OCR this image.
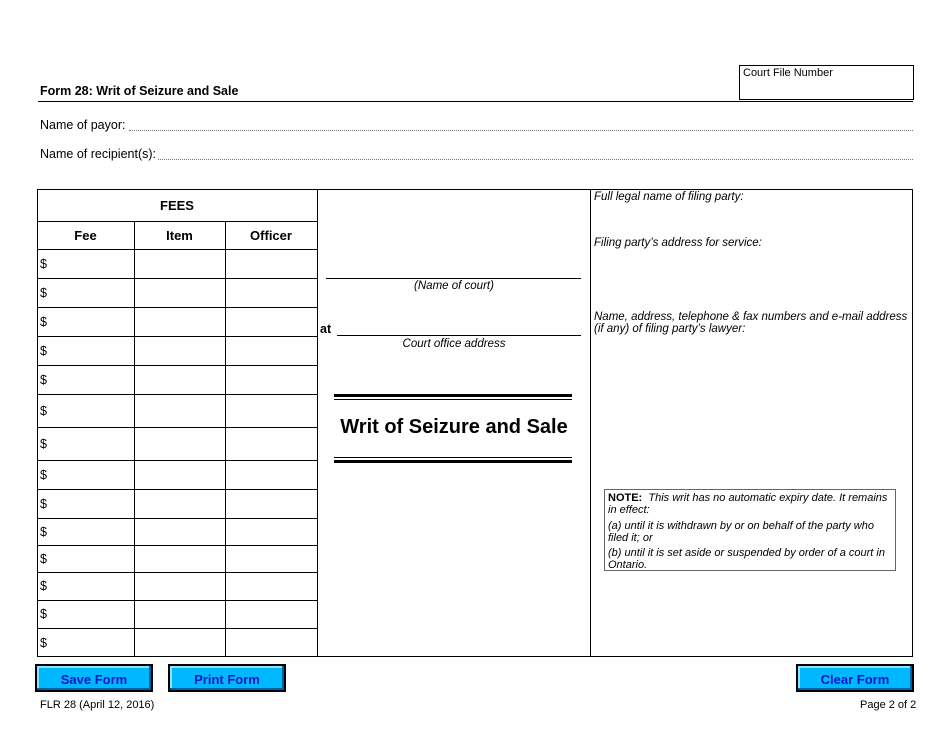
Court File Number
Form 28: Writ of Seizure and Sale
Name of payor:
Name of recipient(s):
FEES
Fee	Item	Officer
$
$
$
$
$
$
$
$
$
$
$
$
$
$
(Name of court)
at
Court office address
Writ of Seizure and Sale
Full legal name of filing party:
Filing party’s address for service:
Name, address, telephone & fax numbers and e-mail address (if any) of filing party’s lawyer:
NOTE: This writ has no automatic expiry date. It remains in effect:
(a) until it is withdrawn by or on behalf of the party who filed it; or
(b) until it is set aside or suspended by order of a court in Ontario.
Save Form	Print Form	Clear Form
FLR 28 (April 12, 2016)	Page 2 of 2
